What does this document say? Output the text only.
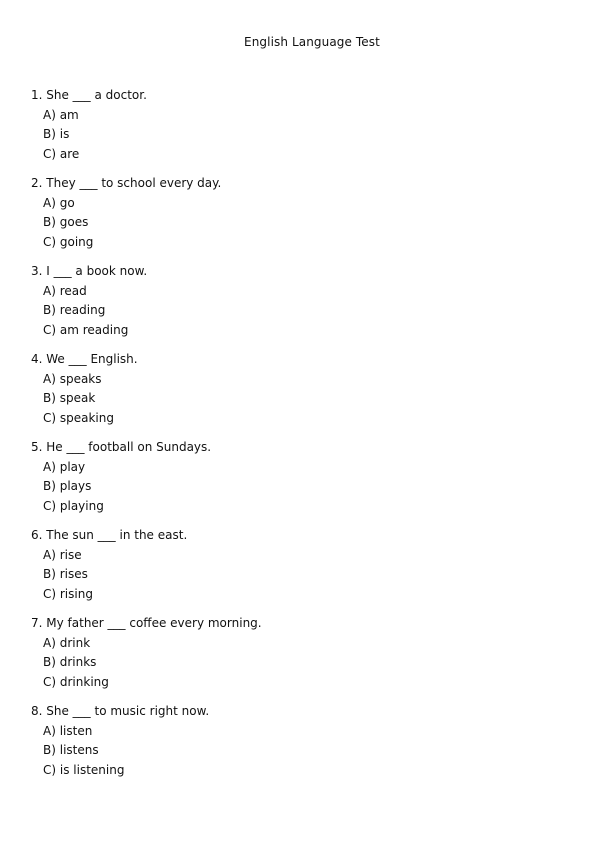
English Language Test
1. She ___ a doctor.
A) am
B) is
C) are
2. They ___ to school every day.
A) go
B) goes
C) going
3. I ___ a book now.
A) read
B) reading
C) am reading
4. We ___ English.
A) speaks
B) speak
C) speaking
5. He ___ football on Sundays.
A) play
B) plays
C) playing
6. The sun ___ in the east.
A) rise
B) rises
C) rising
7. My father ___ coffee every morning.
A) drink
B) drinks
C) drinking
8. She ___ to music right now.
A) listen
B) listens
C) is listening
